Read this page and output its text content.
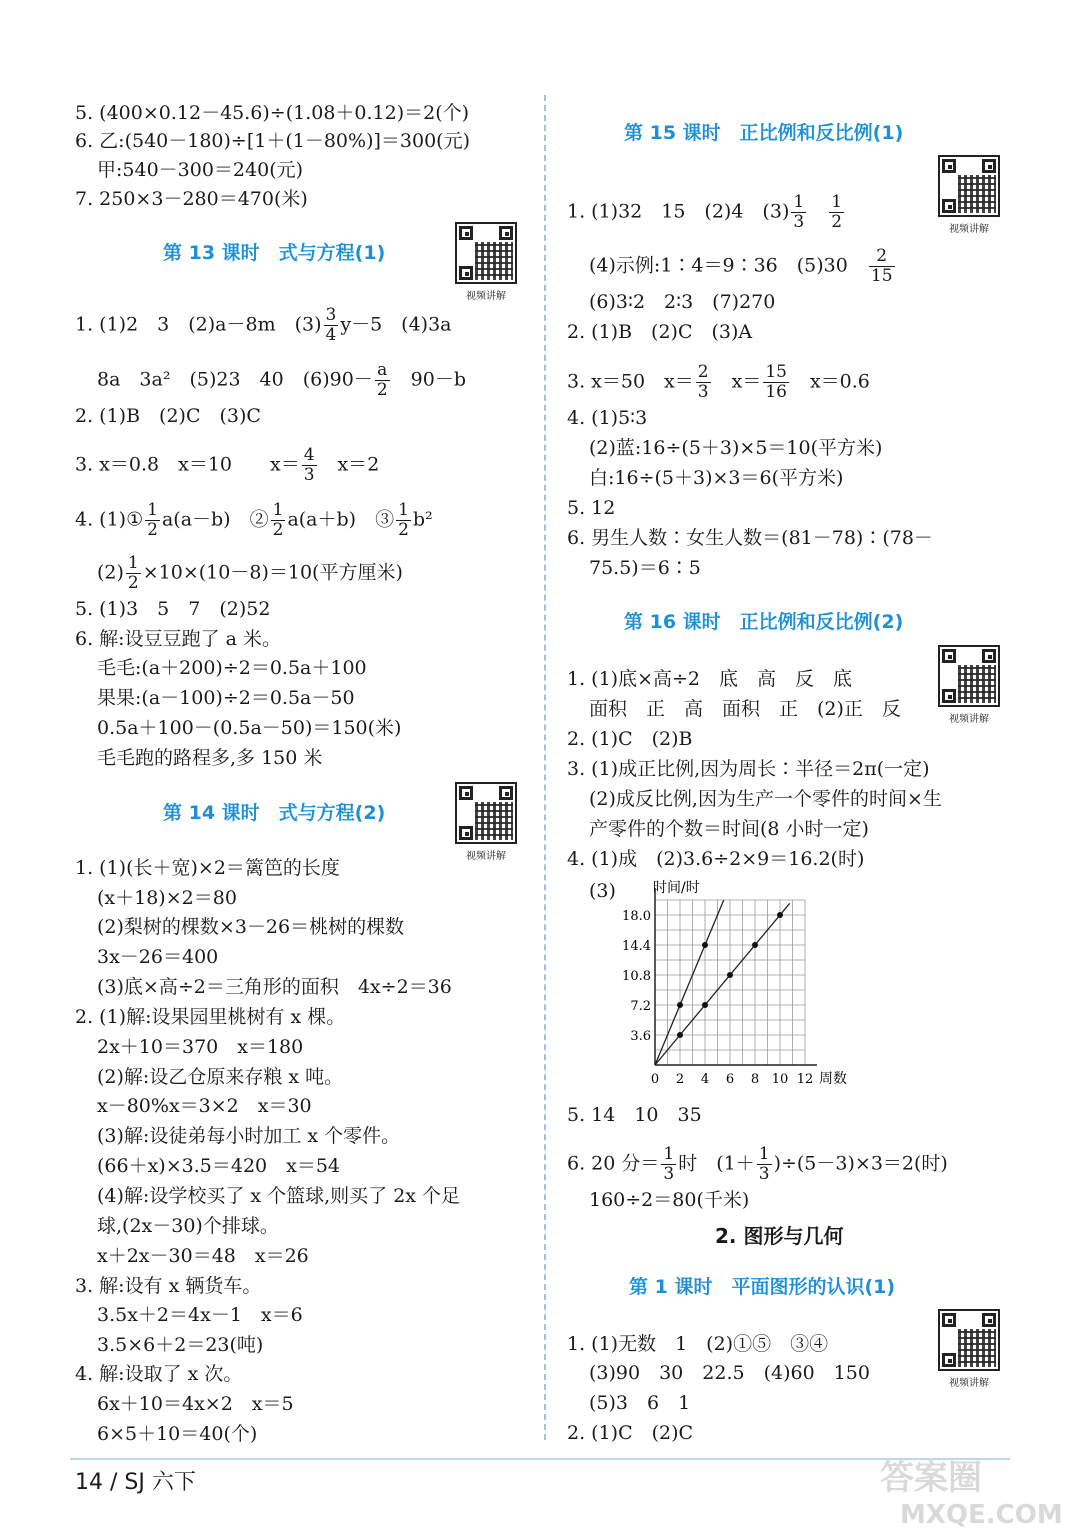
5. (400×0.12－45.6)÷(1.08＋0.12)＝2(个)
6. 乙:(540－180)÷[1＋(1－80%)]＝300(元)
甲:540－300＝240(元)
7. 250×3－280＝470(米)
第 13 课时　式与方程(1)
1. (1)2　3　(2)a－8m　$(3) \frac{3}{4} y-5$　(4)3a
8a　3a²　(5)23　40　$(6)90- \frac{a}{2}$ 　90－b
2. (1)B　(2)C　(3)C
3. x＝0.8　x＝10　　$x= \frac{4}{3}$ 　x＝2
4. (1)① $\frac{1}{2} a(a-b)$　② $\frac{1}{2} a(a+b)$　③ $\frac{1}{2} b^2$
$(2) \frac{1}{2} \times 10\times(10-8)=10$(平方厘米)
5. (1)3　5　7　(2)52
6. 解:设豆豆跑了 a 米。
毛毛:(a＋200)÷2＝0.5a＋100
果果:(a－100)÷2＝0.5a－50
0.5a＋100－(0.5a－50)＝150(米)
毛毛跑的路程多,多 150 米
第 14 课时　式与方程(2)
1. (1)(长＋宽)×2＝篱笆的长度
(x＋18)×2＝80
(2)梨树的棵数×3－26＝桃树的棵数
3x－26＝400
(3)底×高÷2＝三角形的面积　4x÷2＝36
2. (1)解:设果园里桃树有 x 棵。
2x＋10＝370　x＝180
(2)解:设乙仓原来存粮 x 吨。
x－80%x＝3×2　x＝30
(3)解:设徒弟每小时加工 x 个零件。
(66＋x)×3.5＝420　x＝54
(4)解:设学校买了 x 个篮球,则买了 2x 个足
球,(2x－30)个排球。
x＋2x－30＝48　x＝26
3. 解:设有 x 辆货车。
3.5x＋2＝4x－1　x＝6
3.5×6＋2＝23(吨)
4. 解:设取了 x 次。
6x＋10＝4x×2　x＝5
6×5＋10＝40(个)
视频讲解
视频讲解
视频讲解
视频讲解
视频讲解
第 15 课时　正比例和反比例(1)
1. (1)32　15　(2)4　$(3) \frac{1}{3}$
　 $\frac{1}{2}$
(4)示例:1∶4＝9∶36　(5)30　 $\frac{2}{15}$
(6)3∶2　2∶3　(7)270
2. (1)B　(2)C　(3)A
3. x＝50　$x= \frac{2}{3}$ 　$x= \frac{15}{16}$ 　x＝0.6
4. (1)5∶3
(2)蓝:16÷(5＋3)×5＝10(平方米)
白:16÷(5＋3)×3＝6(平方米)
5. 12
6. 男生人数∶女生人数＝(81－78)∶(78－
75.5)＝6∶5
第 16 课时　正比例和反比例(2)
1. (1)底×高÷2　底　高　反　底
面积　正　高　面积　正　(2)正　反
2. (1)C　(2)B
3. (1)成正比例,因为周长∶半径＝2π(一定)
(2)成反比例,因为生产一个零件的时间×生
产零件的个数＝时间(8 小时一定)
4. (1)成　(2)3.6÷2×9＝16.2(时)
(3)
0 2 4 6 8 10 12
3.6
7.2
10.8
14.4
18.0
周数
时间/时
5. 14　10　35
6. 20 分＝ $\frac{1}{3}$ 时　$(1+ \frac{1}{3} )\div(5-3)\times 3=2$(时)
160÷2＝80(千米)
2. 图形与几何
第 1 课时　平面图形的认识(1)
1. (1)无数　1　(2)①⑤　③④
(3)90　30　22.5　(4)60　150
(5)3　6　1
2. (1)C　(2)C
14 / SJ 六下	答案圈
MXQE.COM
